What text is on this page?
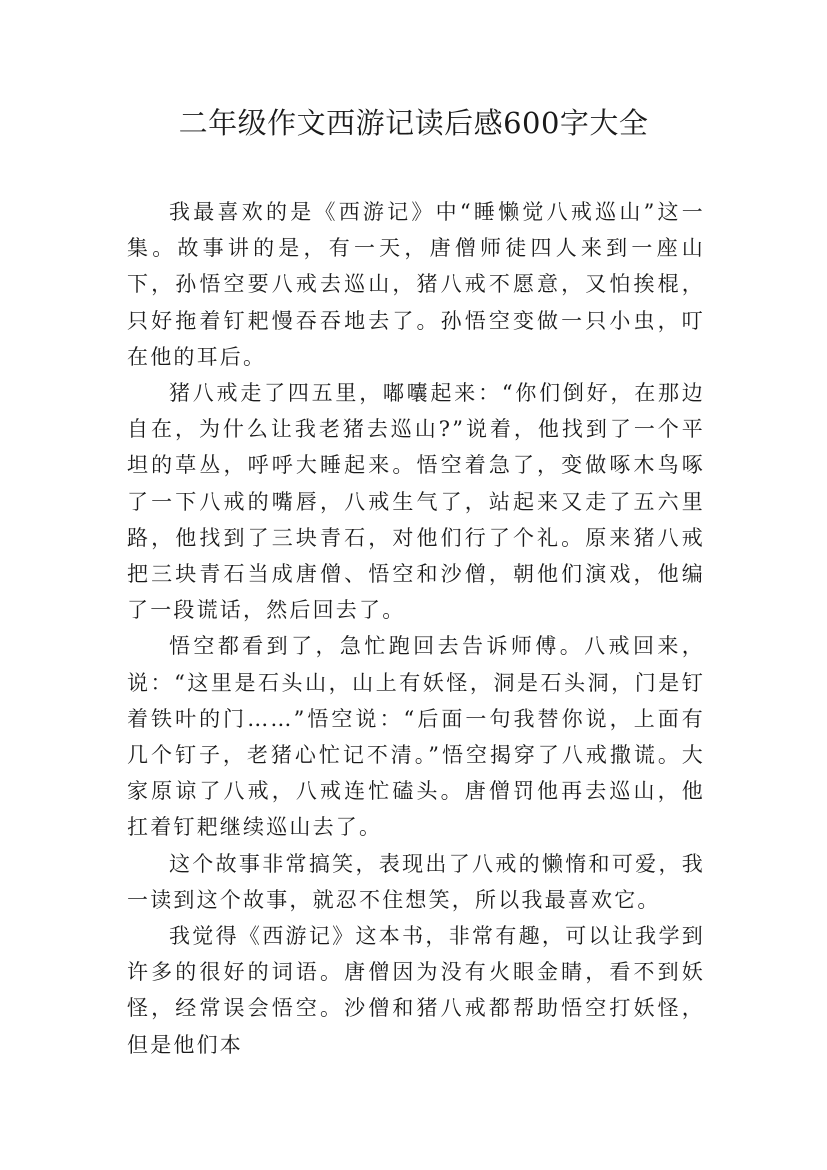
二年级作文西游记读后感600字大全

我最喜欢的是《西游记》中“睡懒觉八戒巡山”这一集。故事讲的是，有一天，唐僧师徒四人来到一座山下，孙悟空要八戒去巡山，猪八戒不愿意，又怕挨棍，只好拖着钉耙慢吞吞地去了。孙悟空变做一只小虫，叮在他的耳后。

猪八戒走了四五里，嘟囔起来：“你们倒好，在那边自在，为什么让我老猪去巡山?”说着，他找到了一个平坦的草丛，呼呼大睡起来。悟空着急了，变做啄木鸟啄了一下八戒的嘴唇，八戒生气了，站起来又走了五六里路，他找到了三块青石，对他们行了个礼。原来猪八戒把三块青石当成唐僧、悟空和沙僧，朝他们演戏，他编了一段谎话，然后回去了。

悟空都看到了，急忙跑回去告诉师傅。八戒回来，说：“这里是石头山，山上有妖怪，洞是石头洞，门是钉着铁叶的门……”悟空说：“后面一句我替你说，上面有几个钉子，老猪心忙记不清。”悟空揭穿了八戒撒谎。大家原谅了八戒，八戒连忙磕头。唐僧罚他再去巡山，他扛着钉耙继续巡山去了。

这个故事非常搞笑，表现出了八戒的懒惰和可爱，我一读到这个故事，就忍不住想笑，所以我最喜欢它。

我觉得《西游记》这本书，非常有趣，可以让我学到许多的很好的词语。唐僧因为没有火眼金睛，看不到妖怪，经常误会悟空。沙僧和猪八戒都帮助悟空打妖怪，但是他们本
